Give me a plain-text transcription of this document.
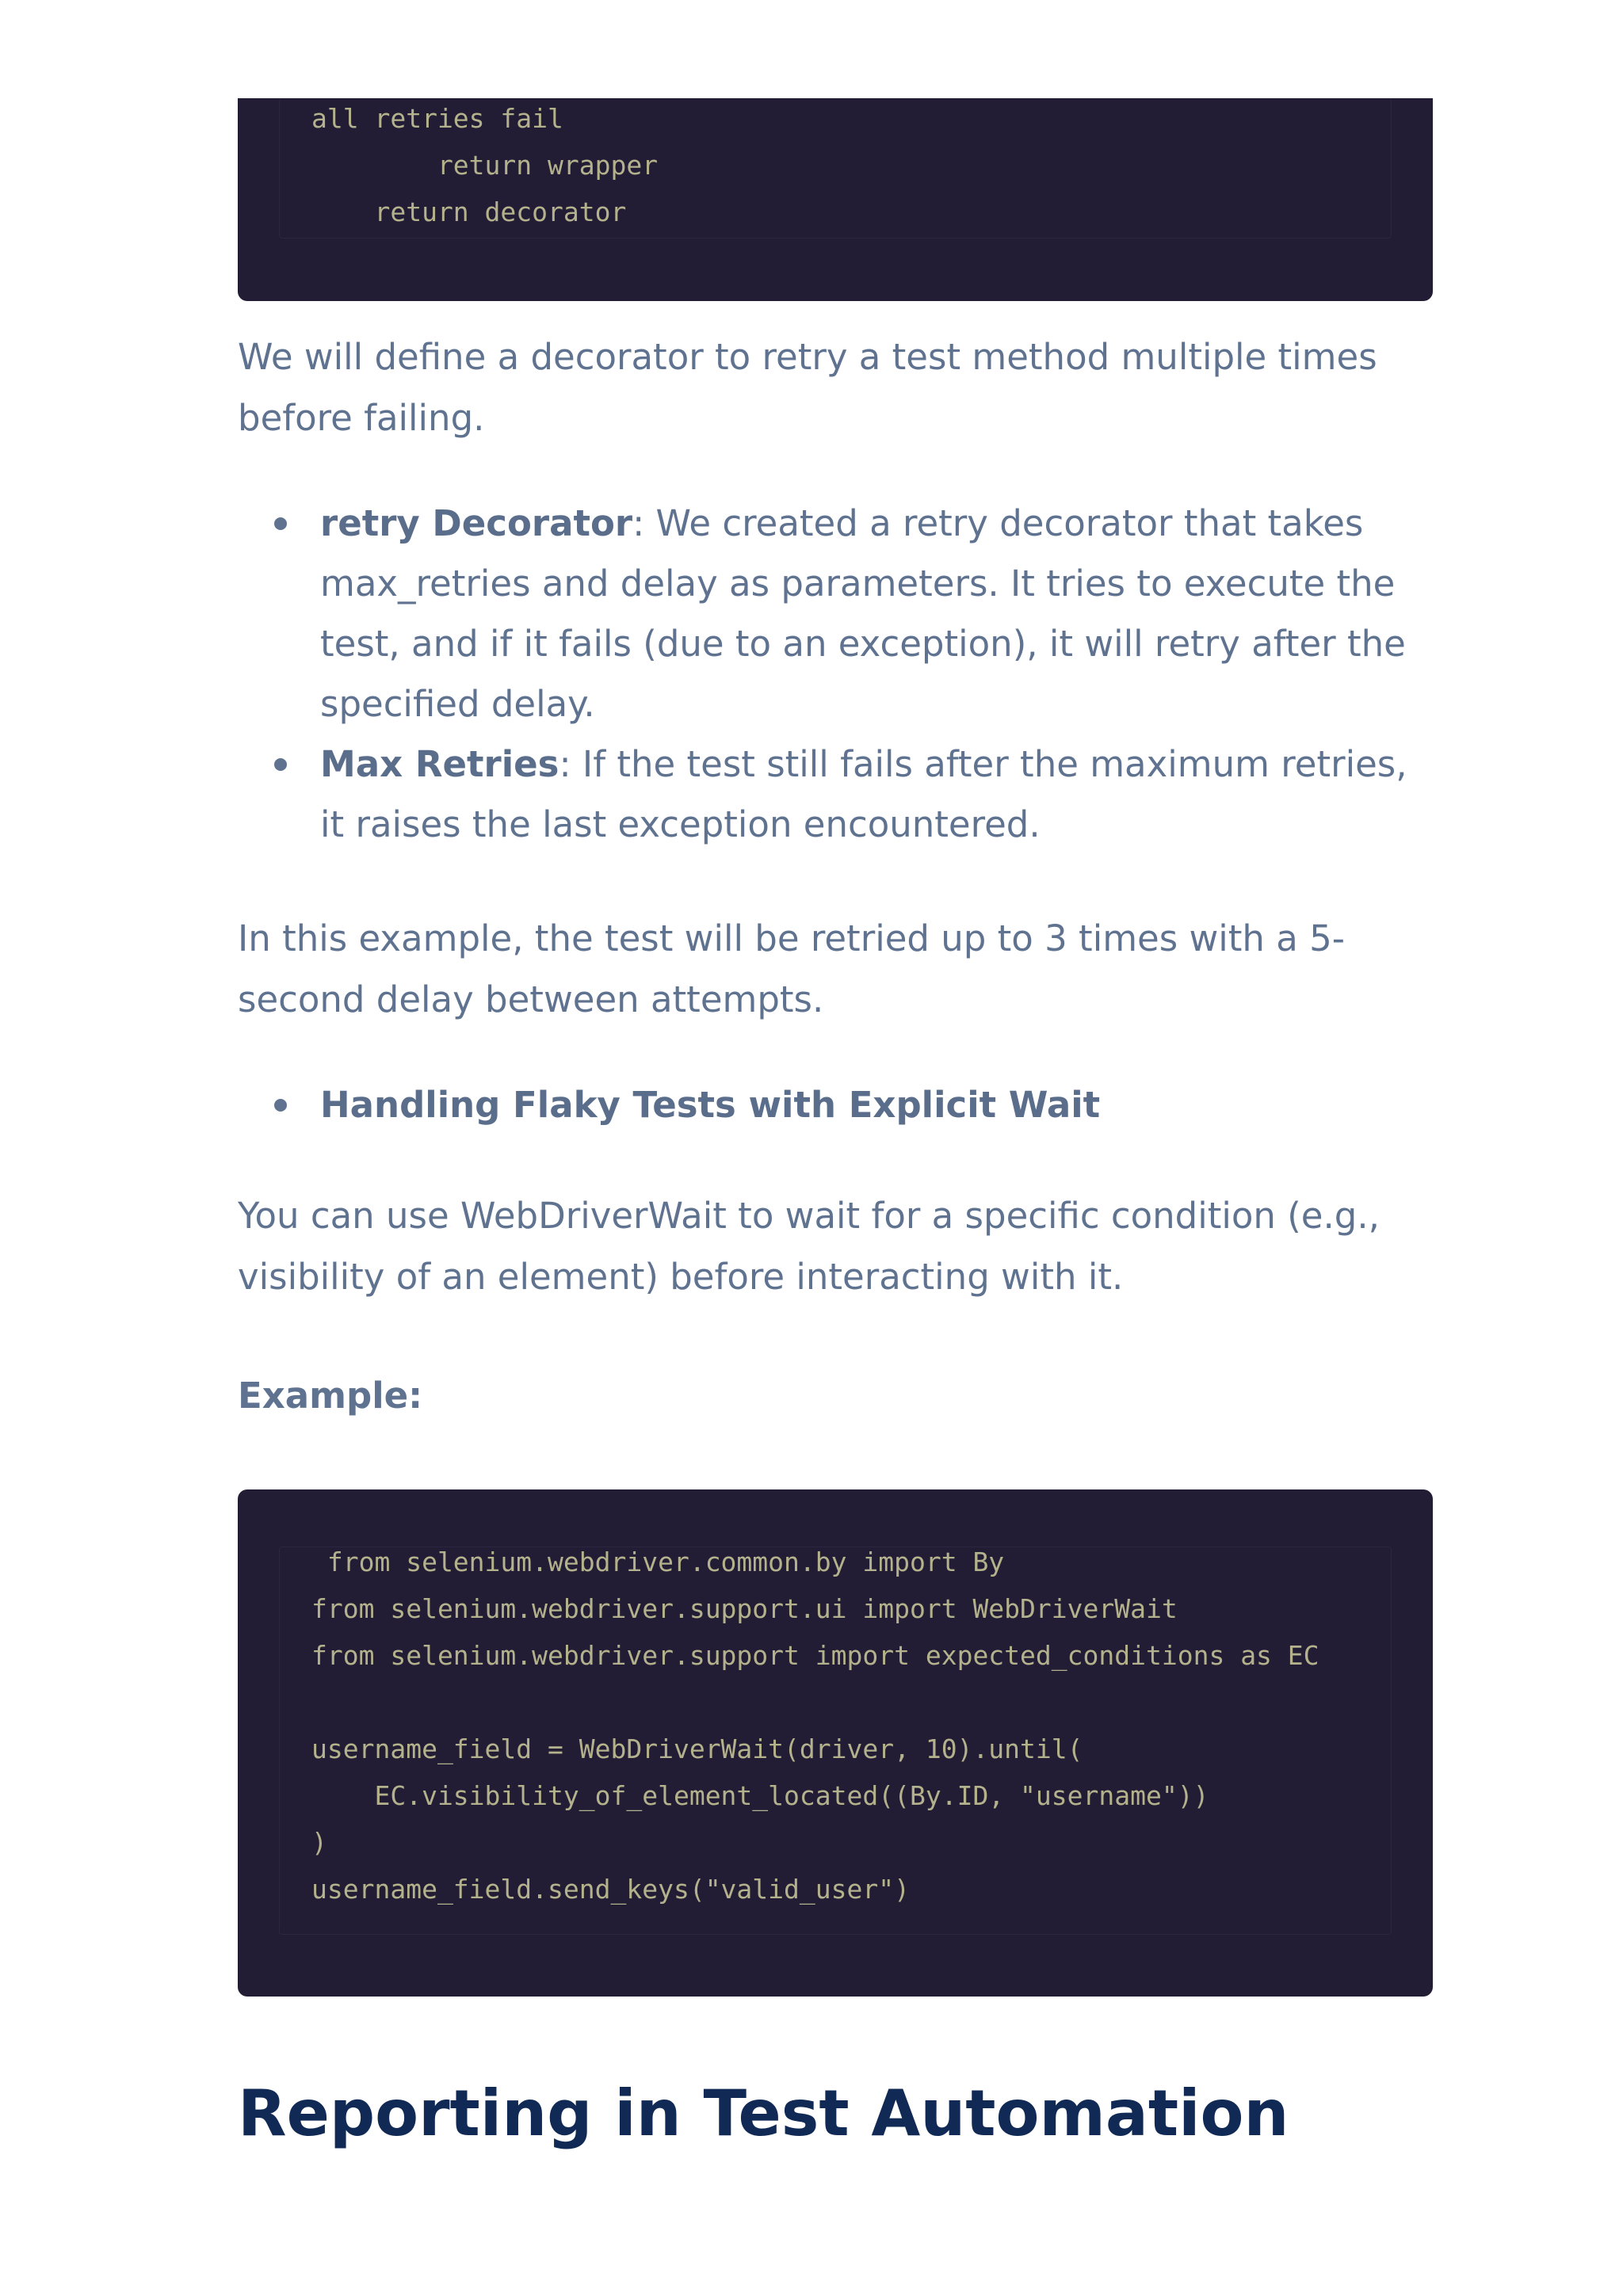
all retries fail
return wrapper
return decorator

We will define a decorator to retry a test method multiple times before failing.

retry Decorator: We created a retry decorator that takes max_retries and delay as parameters. It tries to execute the test, and if it fails (due to an exception), it will retry after the specified delay.
Max Retries: If the test still fails after the maximum retries, it raises the last exception encountered.

In this example, the test will be retried up to 3 times with a 5-second delay between attempts.

Handling Flaky Tests with Explicit Wait

You can use WebDriverWait to wait for a specific condition (e.g., visibility of an element) before interacting with it.

Example:

from selenium.webdriver.common.by import By
from selenium.webdriver.support.ui import WebDriverWait
from selenium.webdriver.support import expected_conditions as EC

username_field = WebDriverWait(driver, 10).until(
EC.visibility_of_element_located((By.ID, "username"))
)
username_field.send_keys("valid_user")
Reporting in Test Automation
